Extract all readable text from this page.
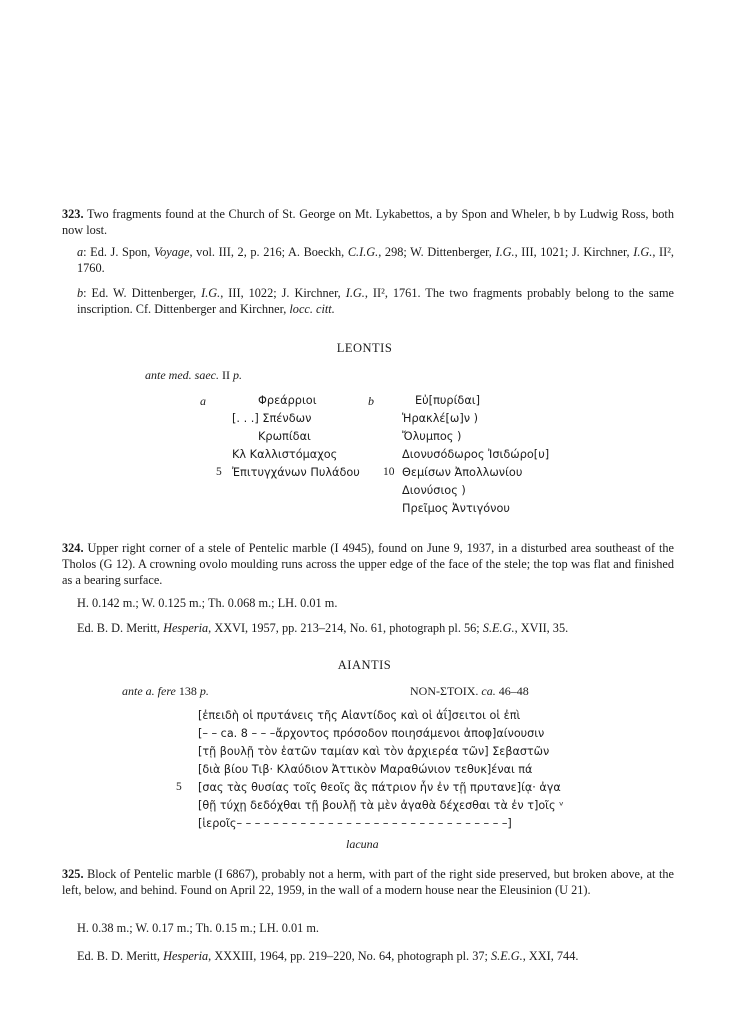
323. Two fragments found at the Church of St. George on Mt. Lykabettos, a by Spon and Wheler, b by Ludwig Ross, both now lost.

a: Ed. J. Spon, Voyage, vol. III, 2, p. 216; A. Boeckh, C.I.G., 298; W. Dittenberger, I.G., III, 1021; J. Kirchner, I.G., II², 1760.

b: Ed. W. Dittenberger, I.G., III, 1022; J. Kirchner, I.G., II², 1761. The two fragments probably belong to the same inscription. Cf. Dittenberger and Kirchner, locc. citt.

LEONTIS
ante med. saec. II p.
a	b
Φρεάρριοι
[. . .] Σπένδων
Κρωπίδαι
Κλ Καλλιστόμαχος
5 Ἐπιτυγχάνων Πυλάδου
Εὐ[πυρίδαι]
Ἡρακλέ[ω]ν )
Ὄλυμπος )
Διονυσόδωρος Ἰσιδώρο[υ]
10 Θεμίσων Ἀπολλωνίου
Διονύσιος )
Πρεῖμος Ἀντιγόνου

324. Upper right corner of a stele of Pentelic marble (I 4945), found on June 9, 1937, in a disturbed area southeast of the Tholos (G 12). A crowning ovolo moulding runs across the upper edge of the face of the stele; the top was flat and finished as a bearing surface.

H. 0.142 m.; W. 0.125 m.; Th. 0.068 m.; LH. 0.01 m.

Ed. B. D. Meritt, Hesperia, XXVI, 1957, pp. 213–214, No. 61, photograph pl. 56; S.E.G., XVII, 35.

AIANTIS
ante a. fere 138 p.	NON-ΣΤΟΙΧ. ca. 46–48
[ἐπειδὴ οἱ πρυτάνεις τῆς Αἰαντίδος καὶ οἱ ἀΐ]σειτοι οἱ ἐπὶ
[– – ca. 8 – – –ἄρχοντος πρόσοδον ποιησάμενοι ἀποφ]αίνουσιν
[τῇ βουλῇ τὸν ἑατῶν ταμίαν καὶ τὸν ἀρχιερέα τῶν] Σεβαστῶν
[διὰ βίου Τιβ· Κλαύδιον Ἀττικὸν Μαραθώνιον τεθυκ]έναι πά
5 [σας τὰς θυσίας τοῖς θεοῖς ἃς πάτριον ἦν ἐν τῇ πρυτανε]ίᾳ· ἀγα
[θῇ τύχῃ δεδόχθαι τῇ βουλῇ τὰ μὲν ἀγαθὰ δέχεσθαι τὰ ἐν τ]οῖς ᵛ
[ἱεροῖς– – – – – – – – – – – – – – – – – – – – – – – – – – – – – –]
lacuna

325. Block of Pentelic marble (I 6867), probably not a herm, with part of the right side preserved, but broken above, at the left, below, and behind. Found on April 22, 1959, in the wall of a modern house near the Eleusinion (U 21).

H. 0.38 m.; W. 0.17 m.; Th. 0.15 m.; LH. 0.01 m.

Ed. B. D. Meritt, Hesperia, XXXIII, 1964, pp. 219–220, No. 64, photograph pl. 37; S.E.G., XXI, 744.
